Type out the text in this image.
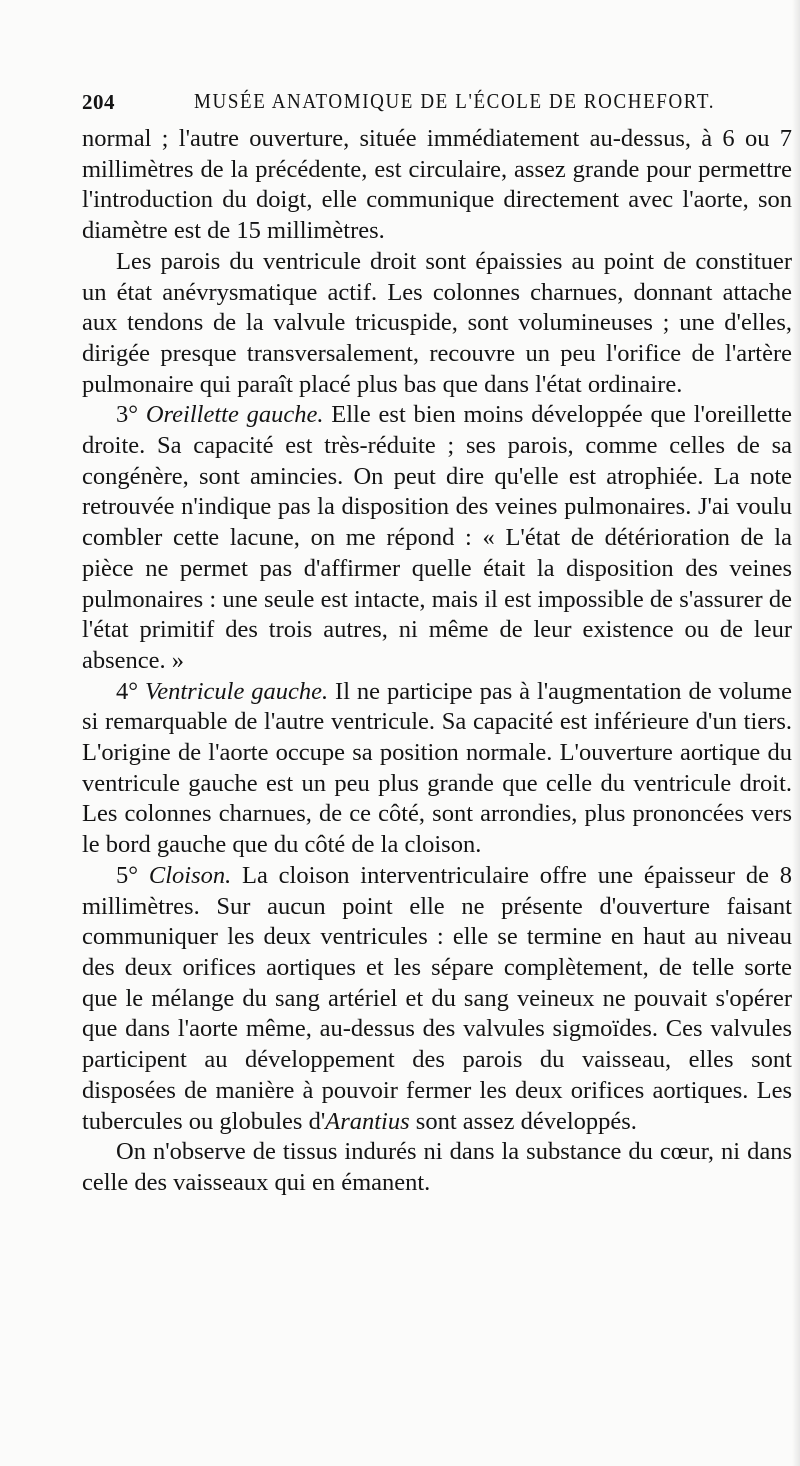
204	MUSÉE ANATOMIQUE DE L'ÉCOLE DE ROCHEFORT.

normal ; l'autre ouverture, située immédiatement au-dessus, à 6 ou 7 millimètres de la précédente, est circulaire, assez grande pour permettre l'introduction du doigt, elle communique directement avec l'aorte, son diamètre est de 15 millimètres.

Les parois du ventricule droit sont épaissies au point de constituer un état anévrysmatique actif. Les colonnes charnues, donnant attache aux tendons de la valvule tricuspide, sont volumineuses ; une d'elles, dirigée presque transversalement, recouvre un peu l'orifice de l'artère pulmonaire qui paraît placé plus bas que dans l'état ordinaire.

3° Oreillette gauche. Elle est bien moins développée que l'oreillette droite. Sa capacité est très-réduite ; ses parois, comme celles de sa congénère, sont amincies. On peut dire qu'elle est atrophiée. La note retrouvée n'indique pas la disposition des veines pulmonaires. J'ai voulu combler cette lacune, on me répond : « L'état de détérioration de la pièce ne permet pas d'affirmer quelle était la disposition des veines pulmonaires : une seule est intacte, mais il est impossible de s'assurer de l'état primitif des trois autres, ni même de leur existence ou de leur absence. »

4° Ventricule gauche. Il ne participe pas à l'augmentation de volume si remarquable de l'autre ventricule. Sa capacité est inférieure d'un tiers. L'origine de l'aorte occupe sa position normale. L'ouverture aortique du ventricule gauche est un peu plus grande que celle du ventricule droit. Les colonnes charnues, de ce côté, sont arrondies, plus prononcées vers le bord gauche que du côté de la cloison.

5° Cloison. La cloison interventriculaire offre une épaisseur de 8 millimètres. Sur aucun point elle ne présente d'ouverture faisant communiquer les deux ventricules : elle se termine en haut au niveau des deux orifices aortiques et les sépare complètement, de telle sorte que le mélange du sang artériel et du sang veineux ne pouvait s'opérer que dans l'aorte même, au-dessus des valvules sigmoïdes. Ces valvules participent au développement des parois du vaisseau, elles sont disposées de manière à pouvoir fermer les deux orifices aortiques. Les tubercules ou globules d'Arantius sont assez développés.

On n'observe de tissus indurés ni dans la substance du cœur, ni dans celle des vaisseaux qui en émanent.
